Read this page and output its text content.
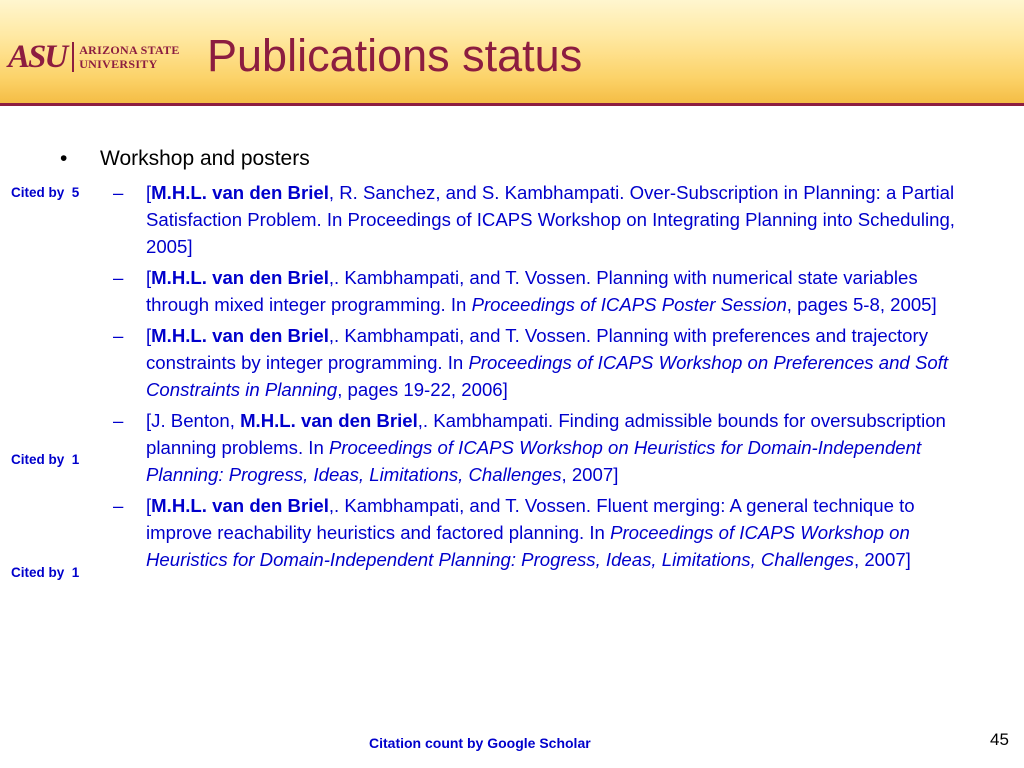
ASU ARIZONA STATE
UNIVERSITY	Publications status
• Workshop and posters
Cited by  5
Cited by  1
Cited by  1
– [M.H.L. van den Briel, R. Sanchez, and S. Kambhampati. Over-Subscription in Planning: a Partial Satisfaction Problem. In Proceedings of ICAPS Workshop on Integrating Planning into Scheduling, 2005]
– [M.H.L. van den Briel,. Kambhampati, and T. Vossen. Planning with numerical state variables through mixed integer programming. In Proceedings of ICAPS Poster Session, pages 5-8, 2005]
– [M.H.L. van den Briel,. Kambhampati, and T. Vossen. Planning with preferences and trajectory constraints by integer programming. In Proceedings of ICAPS Workshop on Preferences and Soft Constraints in Planning, pages 19-22, 2006]
– [J. Benton, M.H.L. van den Briel,. Kambhampati. Finding admissible bounds for oversubscription planning problems. In Proceedings of ICAPS Workshop on Heuristics for Domain-Independent Planning: Progress, Ideas, Limitations, Challenges, 2007]
– [M.H.L. van den Briel,. Kambhampati, and T. Vossen. Fluent merging: A general technique to improve reachability heuristics and factored planning. In Proceedings of ICAPS Workshop on Heuristics for Domain-Independent Planning: Progress, Ideas, Limitations, Challenges, 2007]
Citation count by Google Scholar	45
